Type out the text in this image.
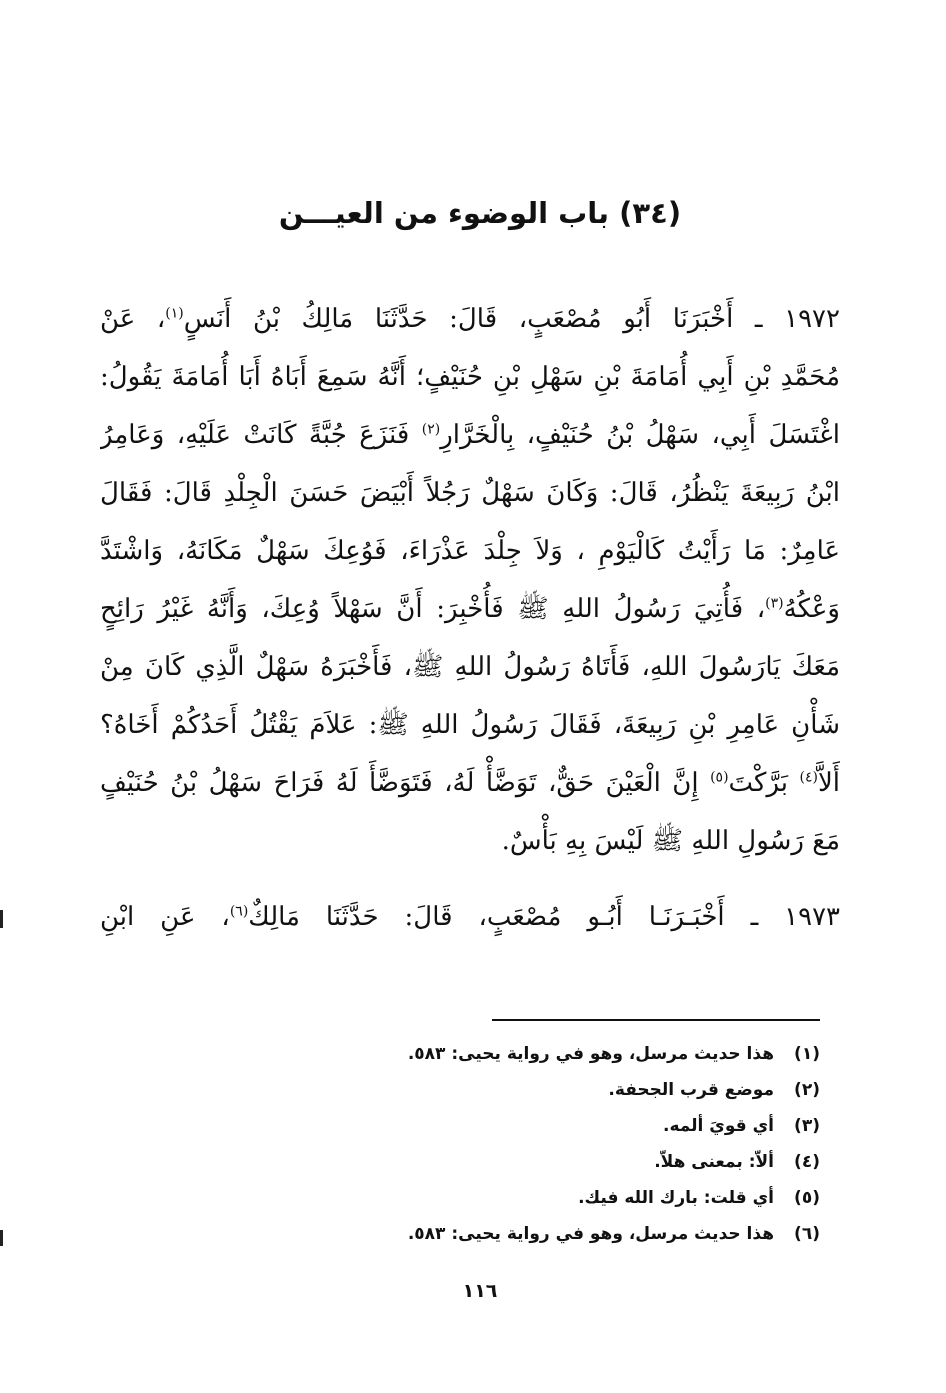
(٣٤) باب الوضوء من العيـــن
١٩٧٢ ـ أَخْبَرَنَا أَبُو مُصْعَبٍ، قَالَ: حَدَّثَنَا مَالِكُ بْنُ أَنَسٍ$^{(١)}$، عَنْ
مُحَمَّدِ بْنِ أَبِي أُمَامَةَ بْنِ سَهْلِ بْنِ حُنَيْفٍ؛ أَنَّهُ سَمِعَ أَبَاهُ أَبَا أُمَامَةَ يَقُولُ:
اغْتَسَلَ أَبِي، سَهْلُ بْنُ حُنَيْفٍ، بِالْخَرَّارِ$^{(٢)}$ فَنَزَعَ جُبَّةً كَانَتْ عَلَيْهِ، وَعَامِرُ
ابْنُ رَبِيعَةَ يَنْظُرُ، قَالَ: وَكَانَ سَهْلٌ رَجُلاً أَبْيَضَ حَسَنَ الْجِلْدِ قَالَ: فَقَالَ
عَامِرٌ: مَا رَأَيْتُ كَالْيَوْمِ ، وَلاَ جِلْدَ عَذْرَاءَ، فَوُعِكَ سَهْلٌ مَكَانَهُ، وَاشْتَدَّ
وَعْكُهُ$^{(٣)}$، فَأُتِيَ رَسُولُ اللهِ ﷺ فَأُخْبِرَ: أَنَّ سَهْلاً وُعِكَ، وَأَنَّهُ غَيْرُ رَائِحٍ
مَعَكَ يَارَسُولَ اللهِ، فَأَتَاهُ رَسُولُ اللهِ ﷺ، فَأَخْبَرَهُ سَهْلٌ الَّذِي كَانَ مِنْ
شَأْنِ عَامِرِ بْنِ رَبِيعَةَ، فَقَالَ رَسُولُ اللهِ ﷺ: عَلاَمَ يَقْتُلُ أَحَدُكُمْ أَخَاهُ؟
أَلاَّ$^{(٤)}$ بَرَّكْتَ$^{(٥)}$ إِنَّ الْعَيْنَ حَقٌّ، تَوَضَّأْ لَهُ، فَتَوَضَّأَ لَهُ فَرَاحَ سَهْلُ بْنُ حُنَيْفٍ
مَعَ رَسُولِ اللهِ ﷺ لَيْسَ بِهِ بَأْسٌ.
١٩٧٣ ـ أَخْبَـرَنَـا أَبُـو مُصْعَبٍ، قَالَ: حَدَّثَنَا مَالِكٌ$^{(٦)}$، عَنِ ابْنِ
(١)هذا حديث مرسل، وهو في رواية يحيى: ٥٨٣.
(٢)موضع قرب الجحفة.
(٣)أي قويَ ألمه.
(٤)ألاّ: بمعنى هلاّ.
(٥)أي قلت: بارك الله فيك.
(٦)هذا حديث مرسل، وهو في رواية يحيى: ٥٨٣.
١١٦
